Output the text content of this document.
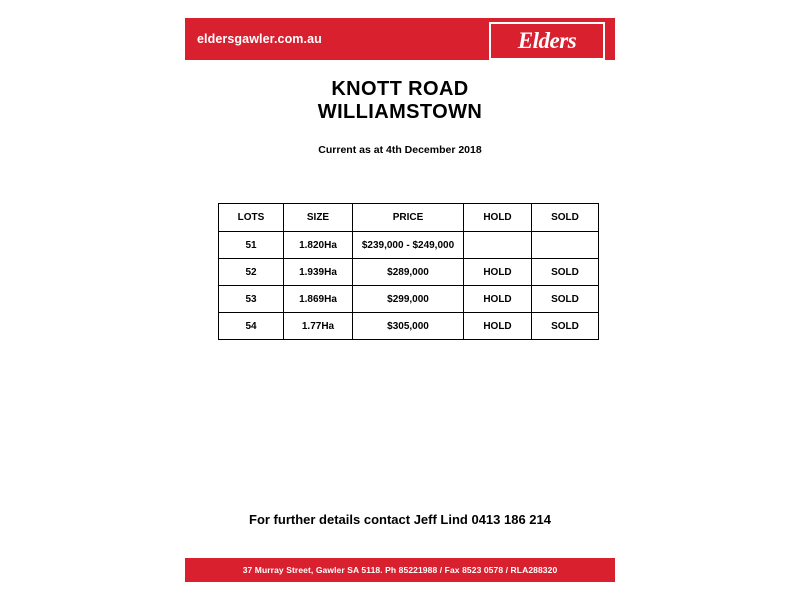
eldersgawler.com.au	Elders
KNOTT ROAD
WILLIAMSTOWN
Current as at 4th December 2018
LOTS	SIZE	PRICE	HOLD	SOLD
51	1.820Ha	$239,000 - $249,000		
52	1.939Ha	$289,000	HOLD	SOLD
53	1.869Ha	$299,000	HOLD	SOLD
54	1.77Ha	$305,000	HOLD	SOLD
For further details contact Jeff Lind 0413 186 214
37 Murray Street, Gawler SA 5118. Ph 85221988 / Fax 8523 0578 / RLA288320
